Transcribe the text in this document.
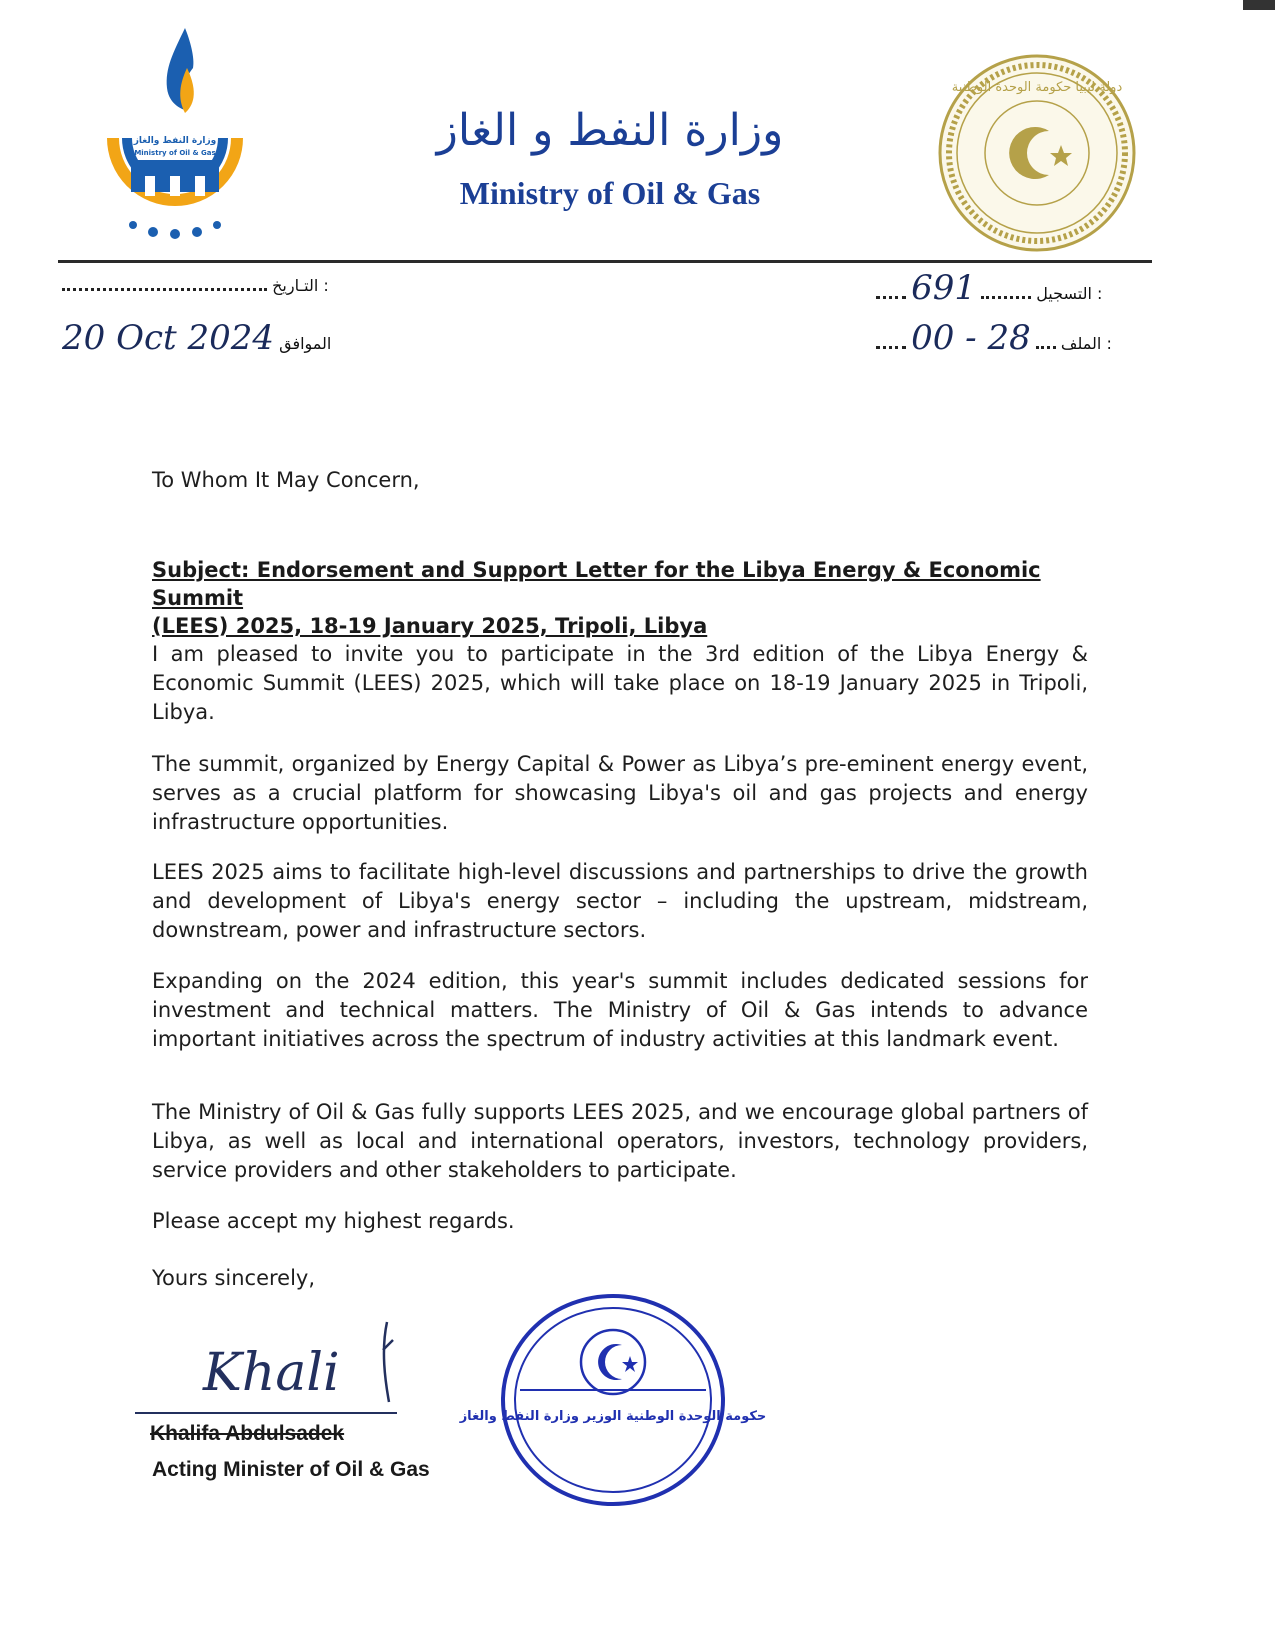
وزارة النفط والغاز
Ministry of Oil & Gas	وزارة النفط و الغاز
Ministry of Oil & Gas
دولة ليبيا حكومة الوحدة الوطنية
التـاريخ :
20 Oct 2024 الموافق
691	التسجيل :
00 - 28 الملف :
To Whom It May Concern,
Subject: Endorsement and Support Letter for the Libya Energy & Economic Summit
(LEES) 2025, 18-19 January 2025, Tripoli, Libya
I am pleased to invite you to participate in the 3rd edition of the Libya Energy & Economic Summit (LEES) 2025, which will take place on 18-19 January 2025 in Tripoli, Libya.
The summit, organized by Energy Capital & Power as Libya’s pre-eminent energy event, serves as a crucial platform for showcasing Libya's oil and gas projects and energy infrastructure opportunities.
LEES 2025 aims to facilitate high-level discussions and partnerships to drive the growth and development of Libya's energy sector – including the upstream, midstream, downstream, power and infrastructure sectors.
Expanding on the 2024 edition, this year's summit includes dedicated sessions for investment and technical matters. The Ministry of Oil & Gas intends to advance important initiatives across the spectrum of industry activities at this landmark event.
The Ministry of Oil & Gas fully supports LEES 2025, and we encourage global partners of Libya, as well as local and international operators, investors, technology providers, service providers and other stakeholders to participate.
Please accept my highest regards.
Yours sincerely,
Khali
Khalifa Abdulsadek
Acting Minister of Oil & Gas
حكومة الوحدة الوطنية الوزير وزارة النفط والغاز
